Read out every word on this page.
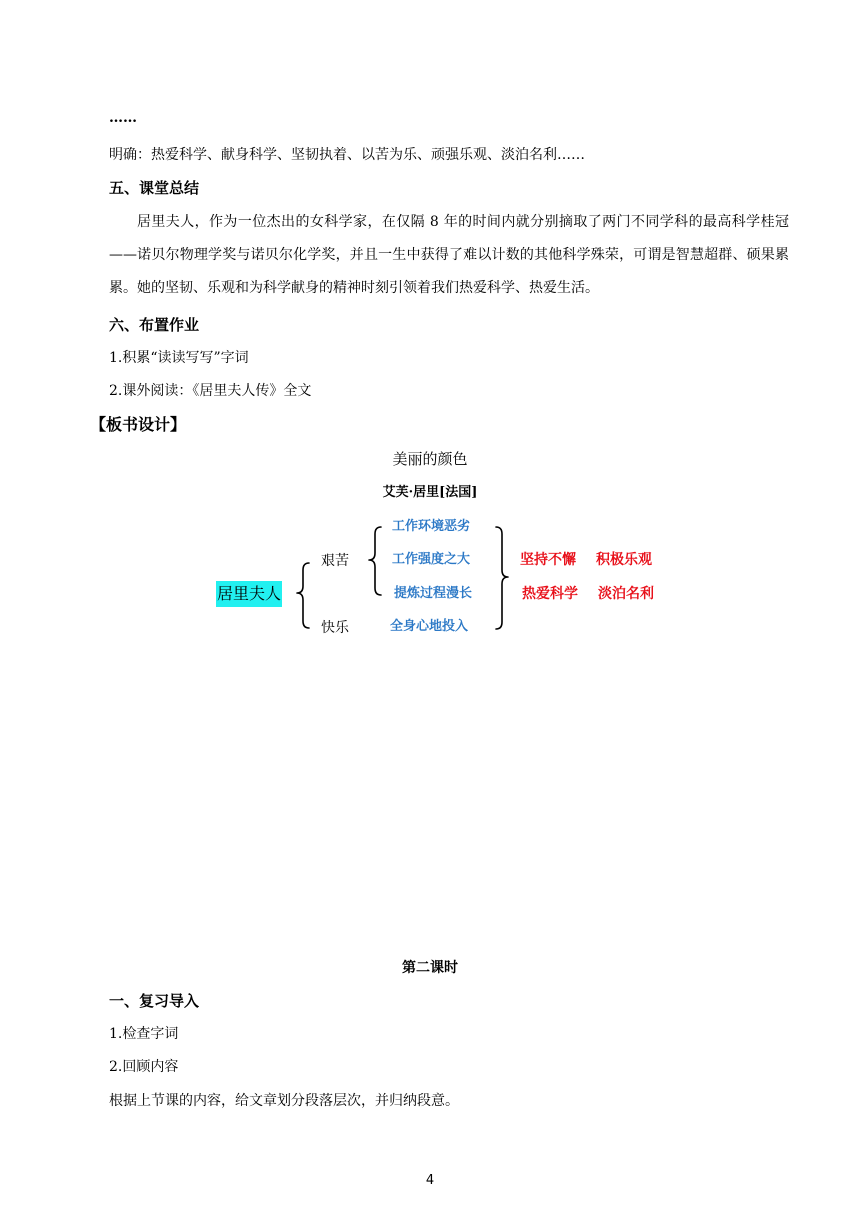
……
明确：热爱科学、献身科学、坚韧执着、以苦为乐、顽强乐观、淡泊名利……
五、课堂总结
居里夫人，作为一位杰出的女科学家，在仅隔 8 年的时间内就分别摘取了两门不同学科的最高科学桂冠——诺贝尔物理学奖与诺贝尔化学奖，并且一生中获得了难以计数的其他科学殊荣，可谓是智慧超群、硕果累累。她的坚韧、乐观和为科学献身的精神时刻引领着我们热爱科学、热爱生活。
六、布置作业
1.积累“读读写写”字词
2.课外阅读：《居里夫人传》全文
【板书设计】
美丽的颜色
艾芙·居里[法国]
居里夫人
艰苦
快乐
工作环境恶劣
工作强度之大
提炼过程漫长
全身心地投入
坚持不懈 积极乐观
热爱科学 淡泊名利
第二课时
一、复习导入
1.检查字词
2.回顾内容
根据上节课的内容，给文章划分段落层次，并归纳段意。
4
